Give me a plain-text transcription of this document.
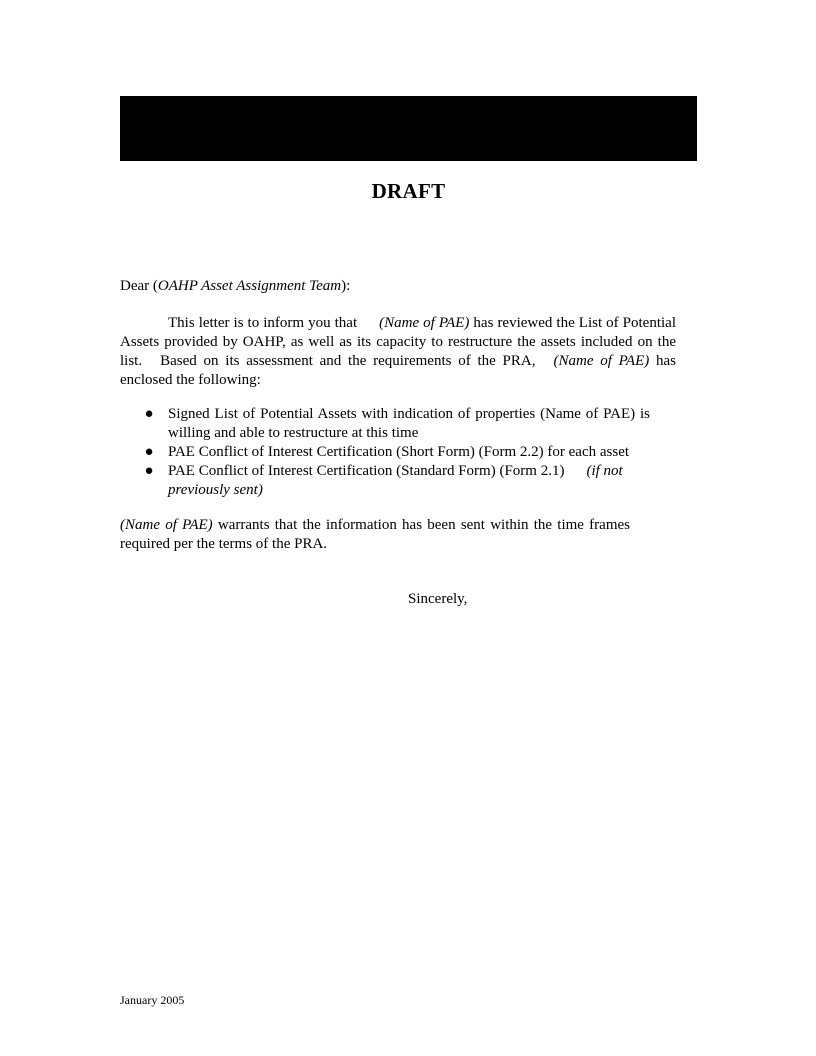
DRAFT
Dear (OAHP Asset Assignment Team):
This letter is to inform you that (Name of PAE) has reviewed the List of Potential Assets provided by OAHP, as well as its capacity to restructure the assets included on the list. Based on its assessment and the requirements of the PRA, (Name of PAE) has enclosed the following:
● Signed List of Potential Assets with indication of properties (Name of PAE) is willing and able to restructure at this time
● PAE Conflict of Interest Certification (Short Form) (Form 2.2) for each asset
● PAE Conflict of Interest Certification (Standard Form) (Form 2.1) (if not previously sent)
(Name of PAE) warrants that the information has been sent within the time frames required per the terms of the PRA.
Sincerely,
January 2005
